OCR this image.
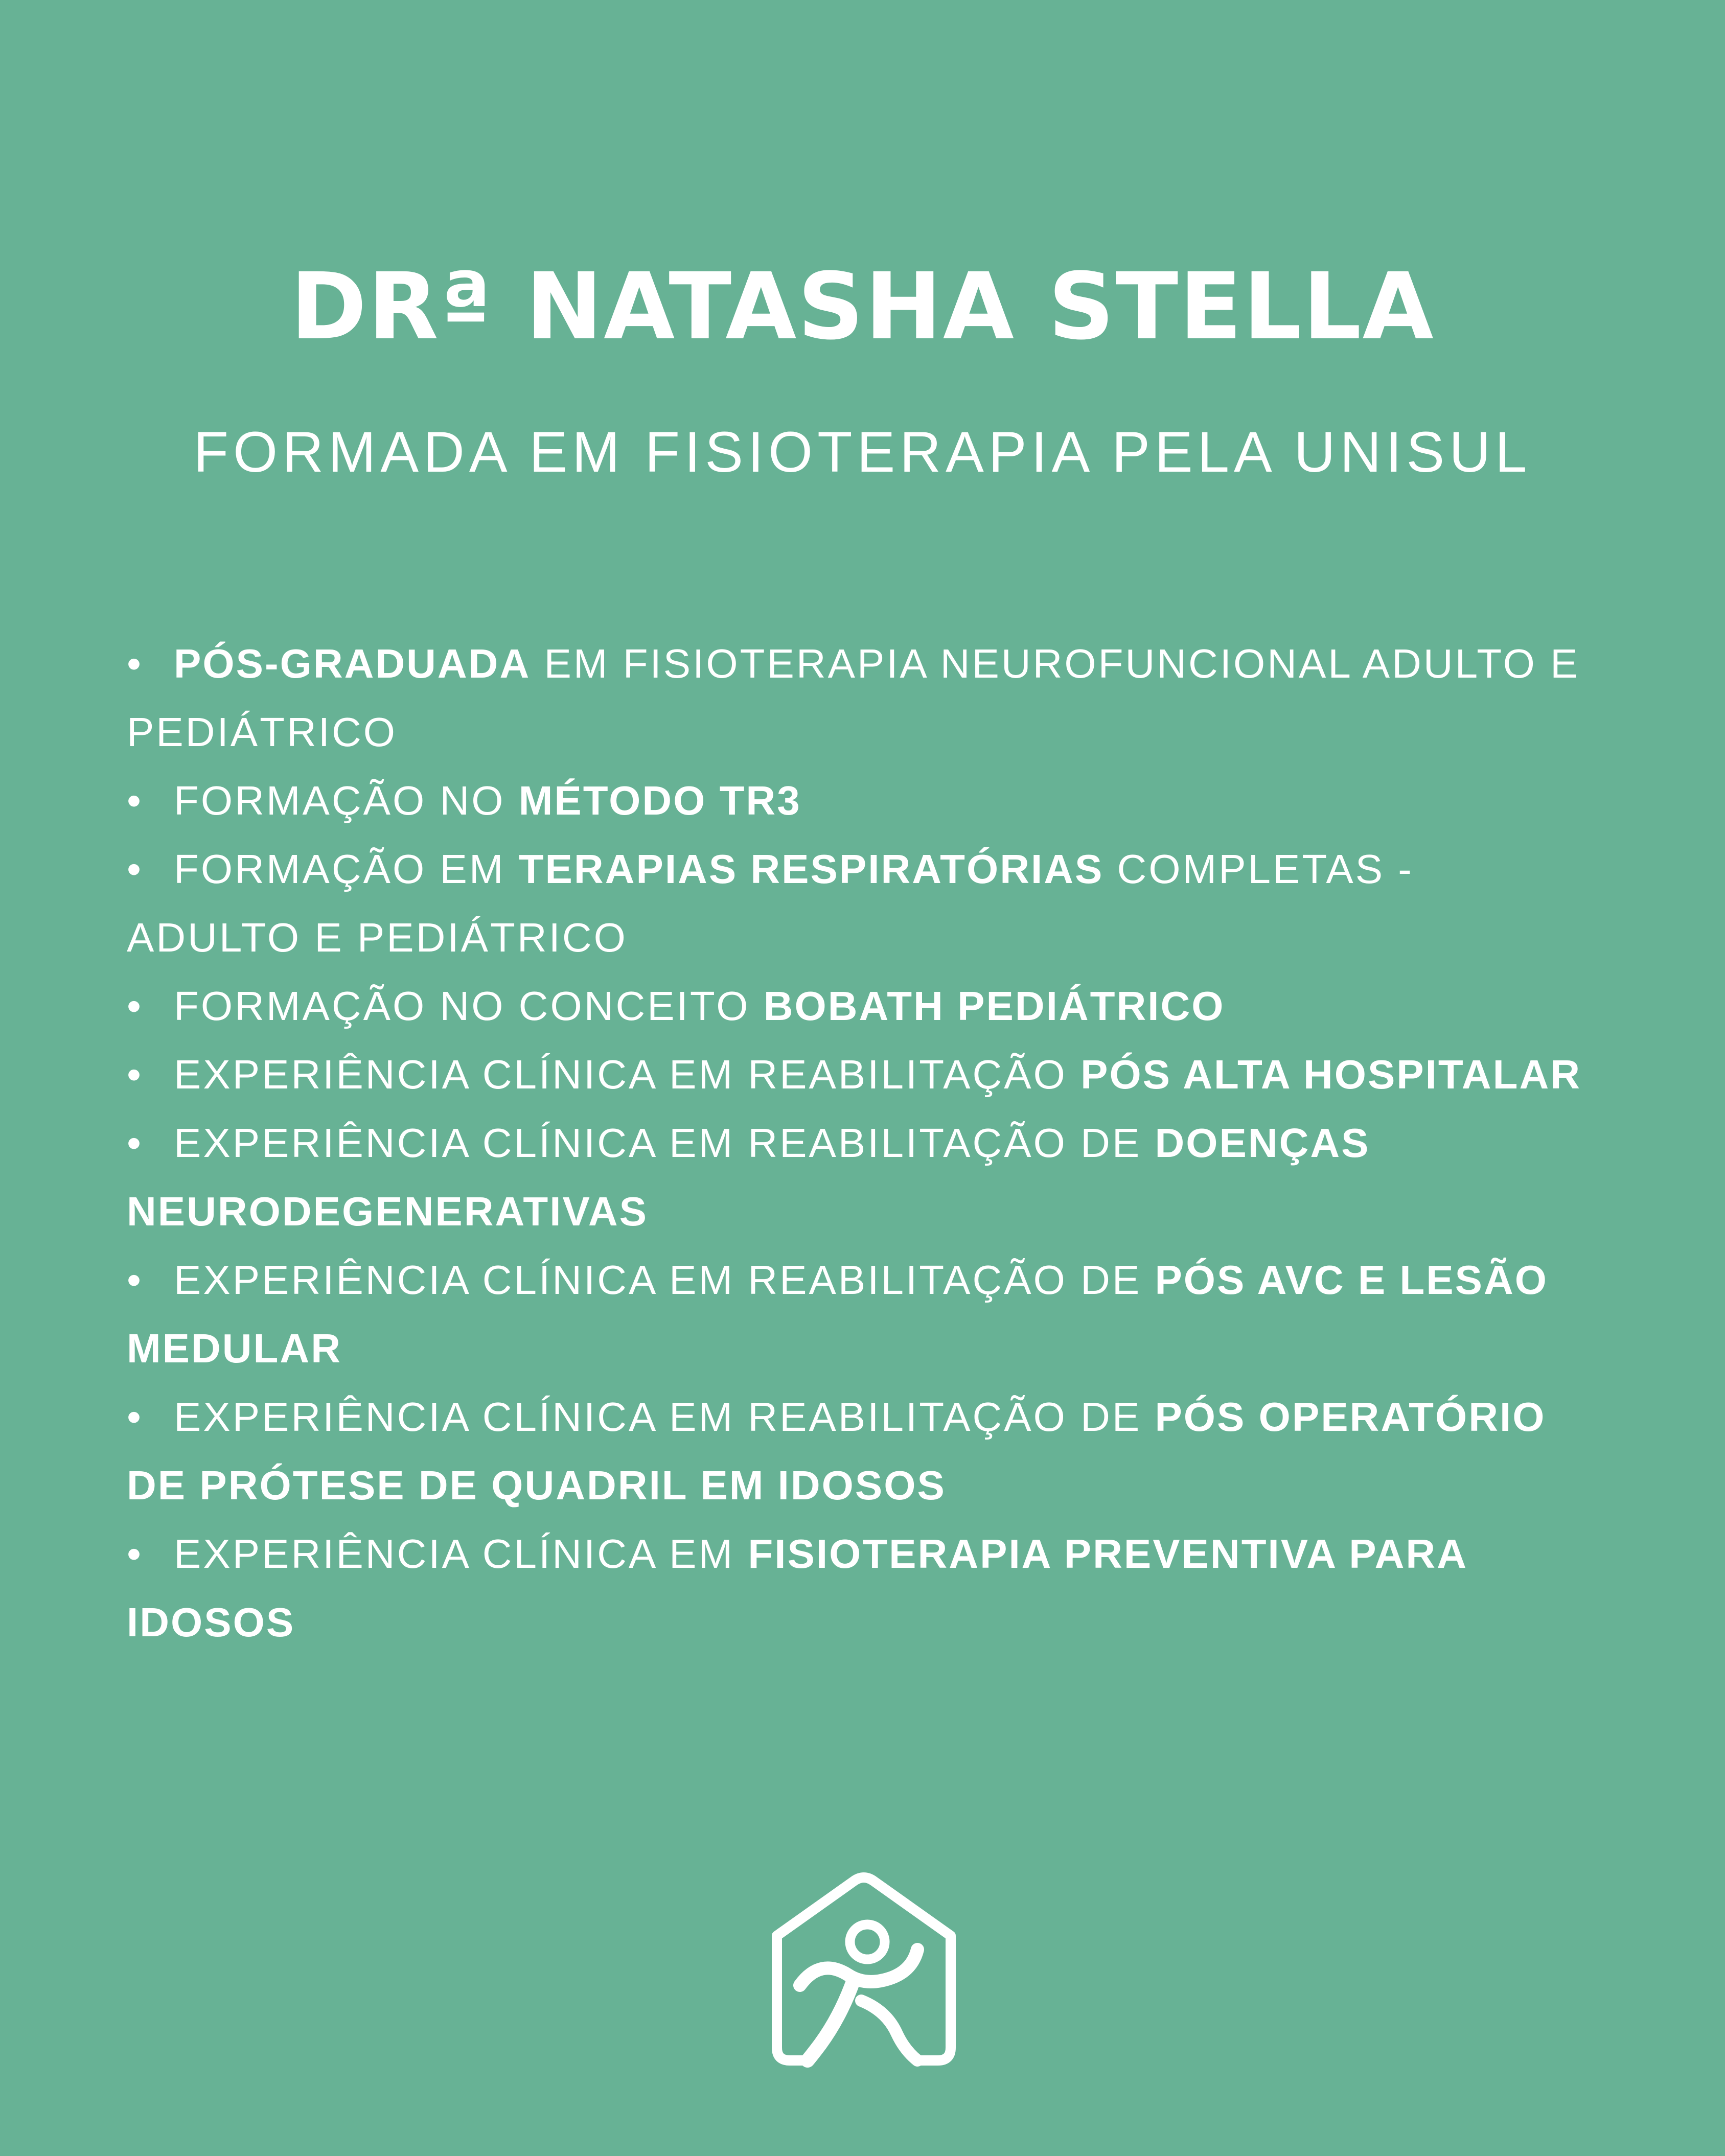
DRª NATASHA STELLA
FORMADA EM FISIOTERAPIA PELA UNISUL

• PÓS-GRADUADA EM FISIOTERAPIA NEUROFUNCIONAL ADULTO E PEDIÁTRICO

• FORMAÇÃO NO MÉTODO TR3

• FORMAÇÃO EM TERAPIAS RESPIRATÓRIAS COMPLETAS - ADULTO E PEDIÁTRICO

• FORMAÇÃO NO CONCEITO BOBATH PEDIÁTRICO

• EXPERIÊNCIA CLÍNICA EM REABILITAÇÃO PÓS ALTA HOSPITALAR

• EXPERIÊNCIA CLÍNICA EM REABILITAÇÃO DE DOENÇAS NEURODEGENERATIVAS

• EXPERIÊNCIA CLÍNICA EM REABILITAÇÃO DE PÓS AVC E LESÃO MEDULAR

• EXPERIÊNCIA CLÍNICA EM REABILITAÇÃO DE PÓS OPERATÓRIO DE PRÓTESE DE QUADRIL EM IDOSOS

• EXPERIÊNCIA CLÍNICA EM FISIOTERAPIA PREVENTIVA PARA IDOSOS
